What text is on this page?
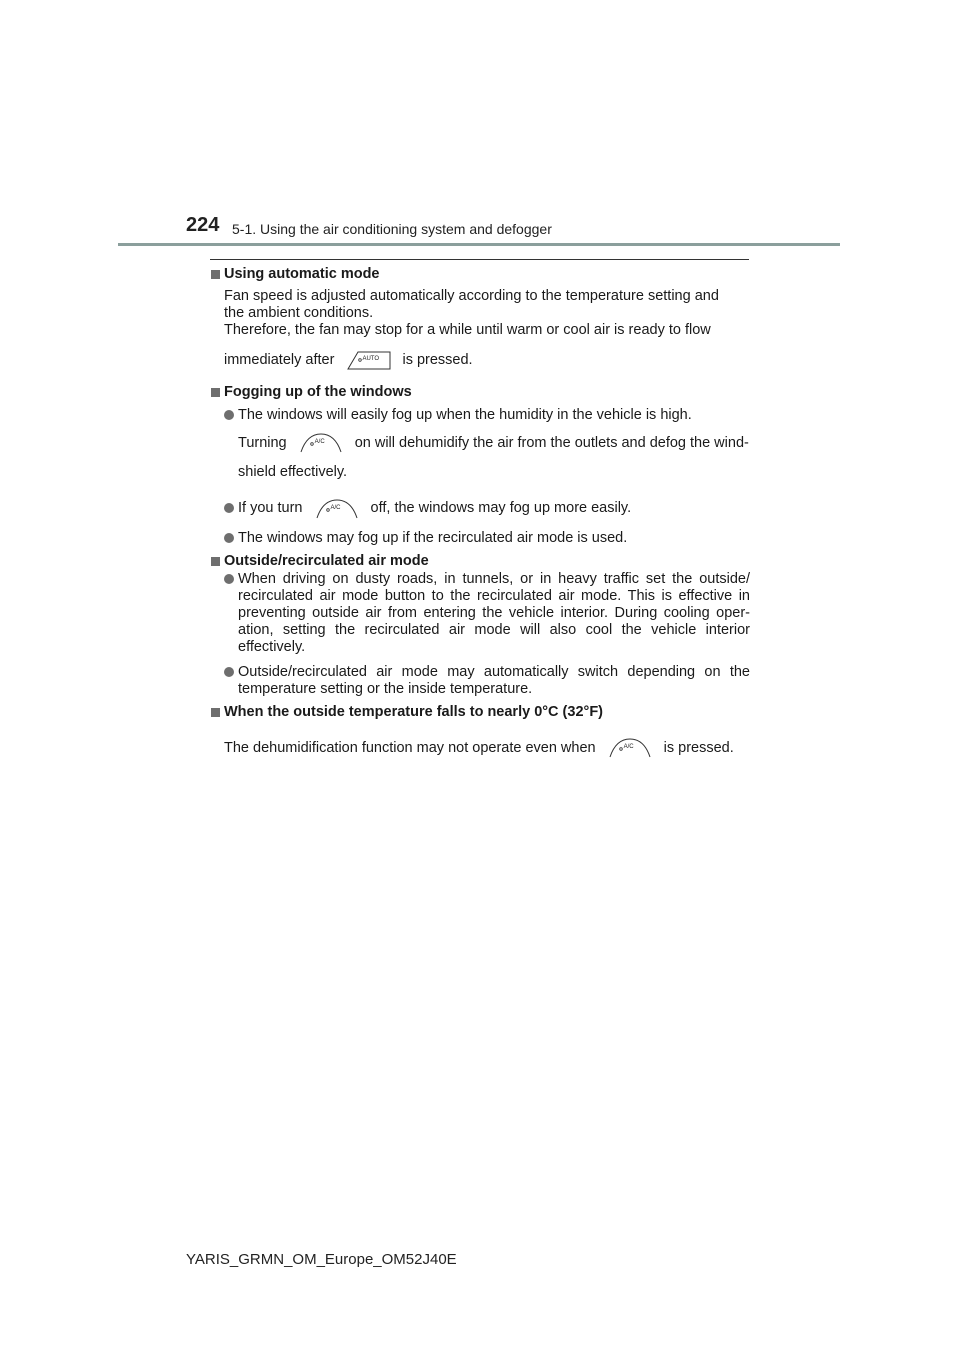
224 5-1. Using the air conditioning system and defogger

Using automatic mode

Fan speed is adjusted automatically according to the temperature setting and

the ambient conditions.

Therefore, the fan may stop for a while until warm or cool air is ready to flow

immediately after	AUTO is pressed.

Fogging up of the windows

The windows will easily fog up when the humidity in the vehicle is high.
Turning	A/C on will dehumidify the air from the outlets and defog the wind-
shield effectively.
If you turn	A/C off, the windows may fog up more easily.
The windows may fog up if the recirculated air mode is used.

Outside/recirculated air mode

When driving on dusty roads, in tunnels, or in heavy traffic set the outside/ recirculated air mode button to the recirculated air mode. This is effective in preventing outside air from entering the vehicle interior. During cooling oper-ation, setting the recirculated air mode will also cool the vehicle interior effectively.
Outside/recirculated air mode may automatically switch depending on the temperature setting or the inside temperature.

When the outside temperature falls to nearly 0°C (32°F)

The dehumidification function may not operate even when	A/C is pressed.

YARIS_GRMN_OM_Europe_OM52J40E
